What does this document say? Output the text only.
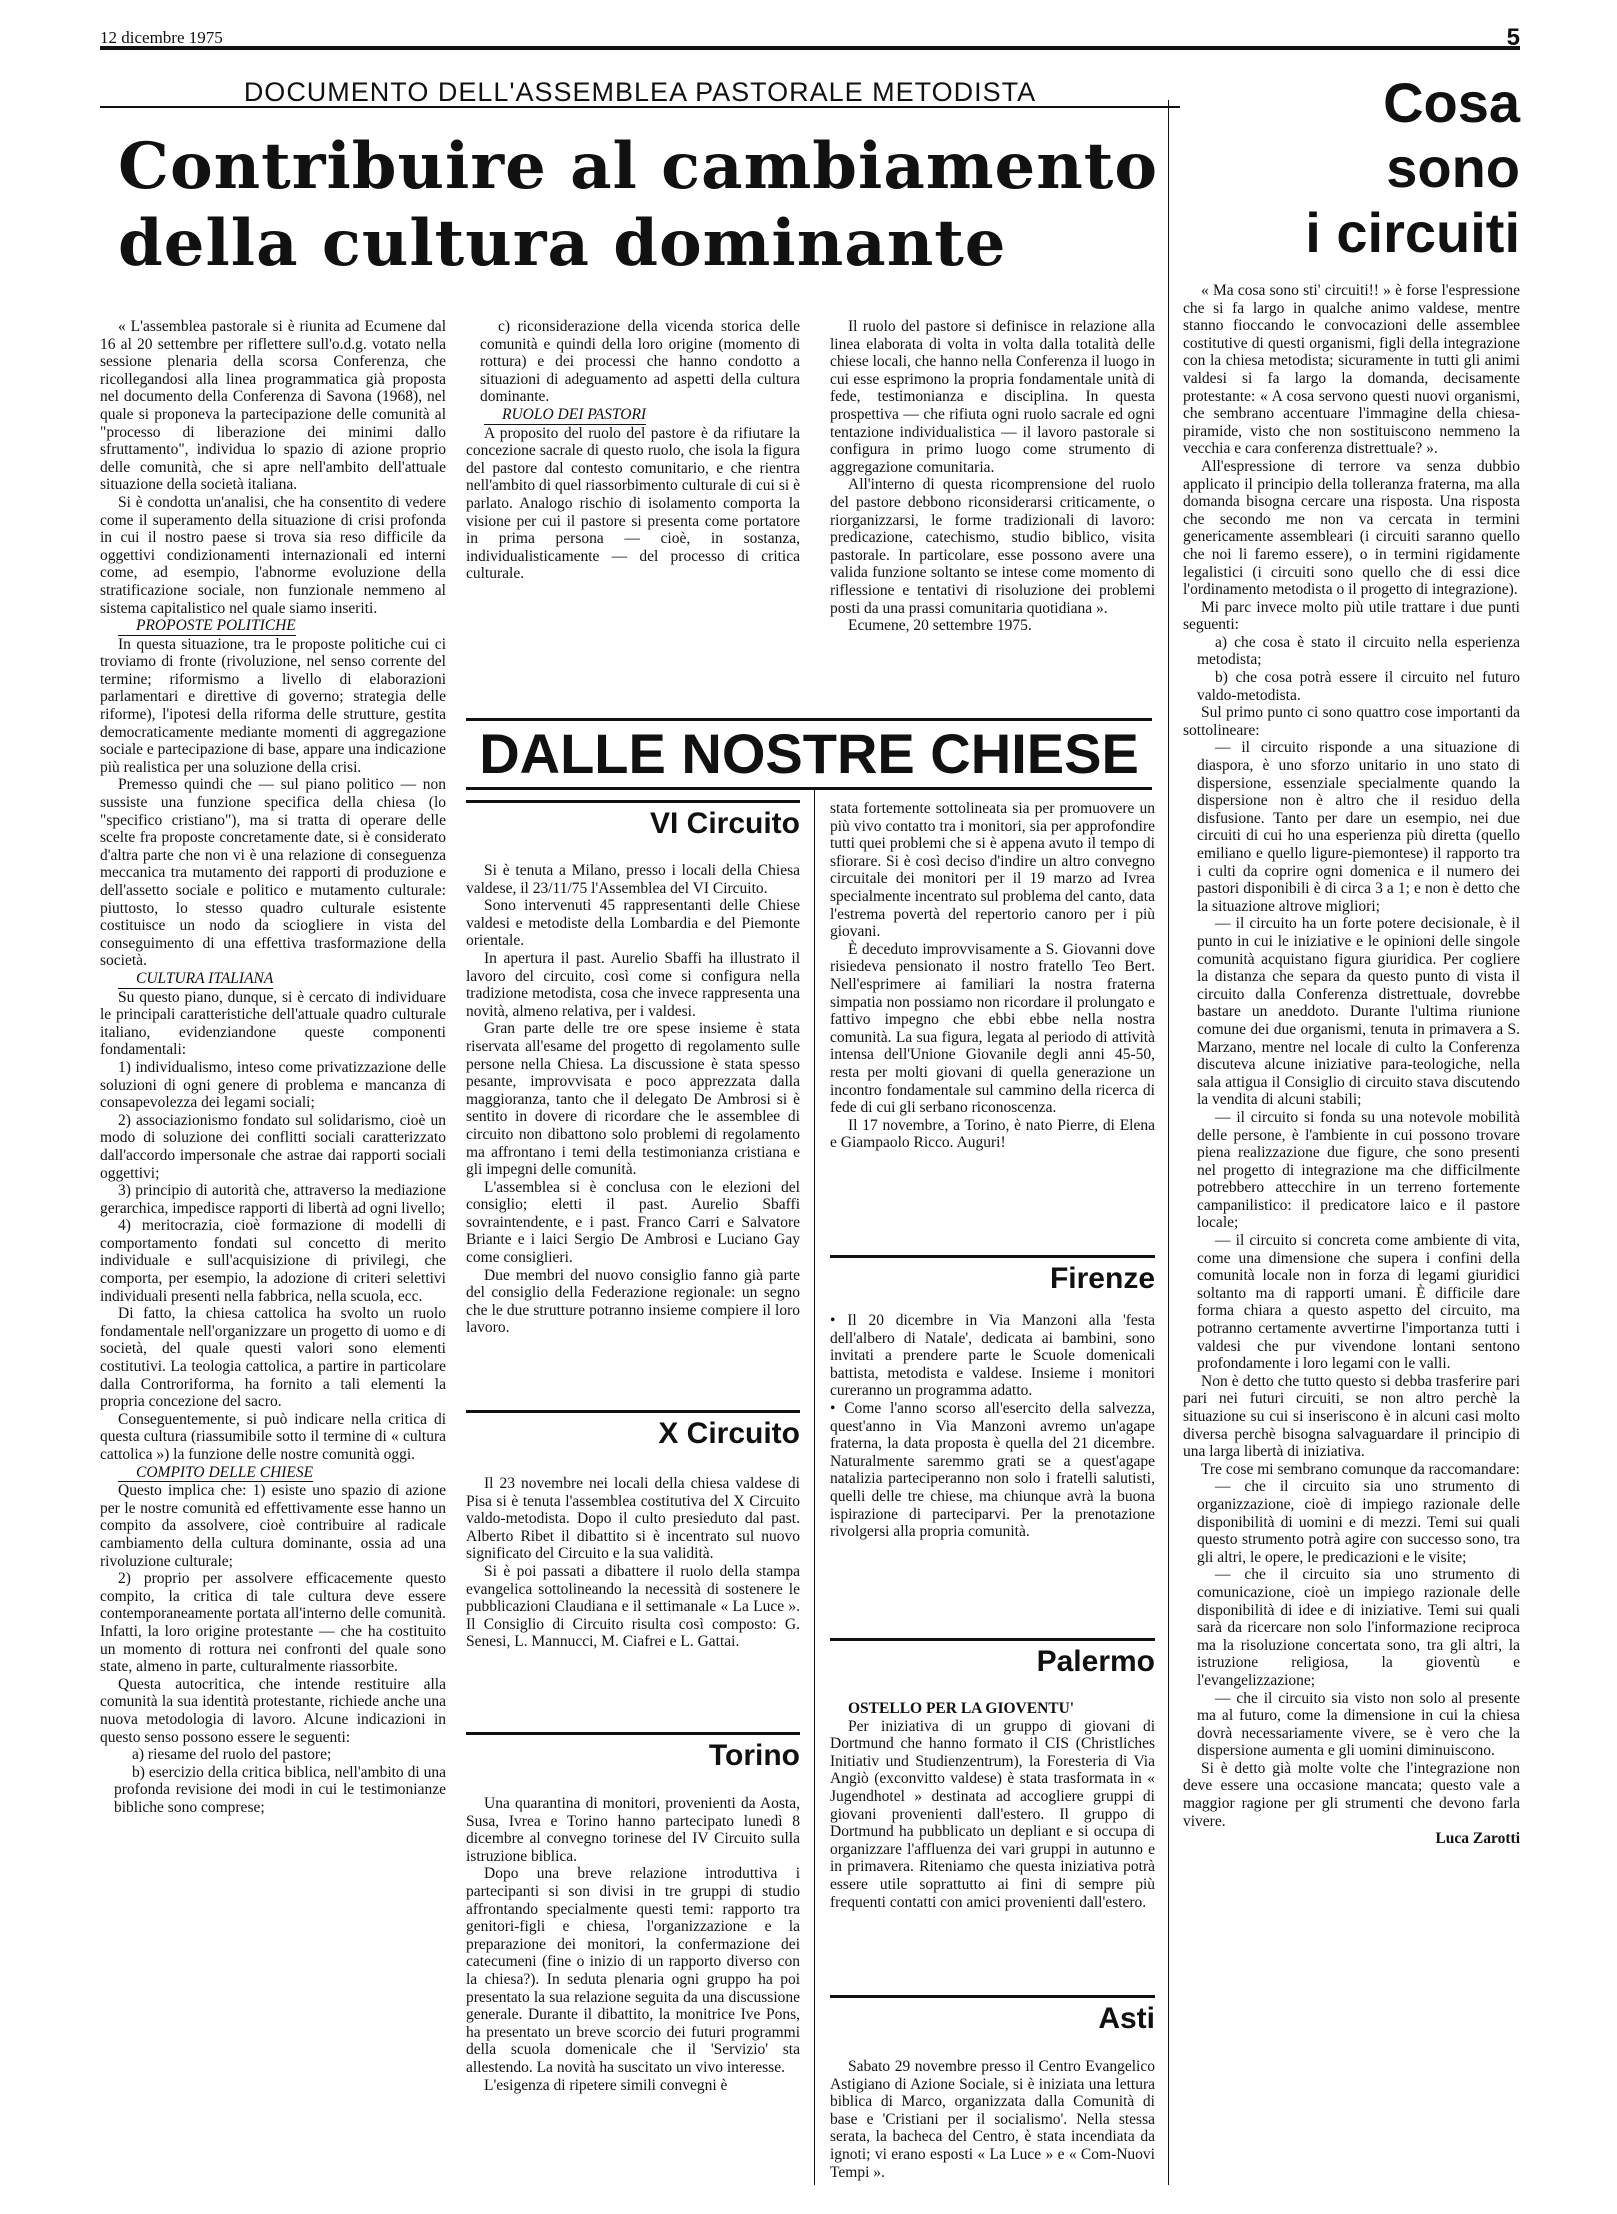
12 dicembre 1975	5
DOCUMENTO DELL'ASSEMBLEA PASTORALE METODISTA
Contribuire al cambiamento
della cultura dominante
Cosa
sono
i circuiti

« L'assemblea pastorale si è riunita ad Ecumene dal 16 al 20 settembre per riflettere sull'o.d.g. votato nella sessione plenaria della scorsa Conferenza, che ricollegandosi alla linea programmatica già proposta nel documento della Conferenza di Savona (1968), nel quale si proponeva la partecipazione delle comunità al "processo di liberazione dei minimi dallo sfruttamento", individua lo spazio di azione proprio delle comunità, che si apre nell'ambito dell'attuale situazione della società italiana.

Si è condotta un'analisi, che ha consentito di vedere come il superamento della situazione di crisi profonda in cui il nostro paese si trova sia reso difficile da oggettivi condizionamenti internazionali ed interni come, ad esempio, l'abnorme evoluzione della stratificazione sociale, non funzionale nemmeno al sistema capitalistico nel quale siamo inseriti.

PROPOSTE POLITICHE

In questa situazione, tra le proposte politiche cui ci troviamo di fronte (rivoluzione, nel senso corrente del termine; riformismo a livello di elaborazioni parlamentari e direttive di governo; strategia delle riforme), l'ipotesi della riforma delle strutture, gestita democraticamente mediante momenti di aggregazione sociale e partecipazione di base, appare una indicazione più realistica per una soluzione della crisi.

Premesso quindi che — sul piano politico — non sussiste una funzione specifica della chiesa (lo "specifico cristiano"), ma si tratta di operare delle scelte fra proposte concretamente date, si è considerato d'altra parte che non vi è una relazione di conseguenza meccanica tra mutamento dei rapporti di produzione e dell'assetto sociale e politico e mutamento culturale: piuttosto, lo stesso quadro culturale esistente costituisce un nodo da sciogliere in vista del conseguimento di una effettiva trasformazione della società.

CULTURA ITALIANA

Su questo piano, dunque, si è cercato di individuare le principali caratteristiche dell'attuale quadro culturale italiano, evidenziandone queste componenti fondamentali:

1) individualismo, inteso come privatizzazione delle soluzioni di ogni genere di problema e mancanza di consapevolezza dei legami sociali;

2) associazionismo fondato sul solidarismo, cioè un modo di soluzione dei conflitti sociali caratterizzato dall'accordo impersonale che astrae dai rapporti sociali oggettivi;

3) principio di autorità che, attraverso la mediazione gerarchica, impedisce rapporti di libertà ad ogni livello;

4) meritocrazia, cioè formazione di modelli di comportamento fondati sul concetto di merito individuale e sull'acquisizione di privilegi, che comporta, per esempio, la adozione di criteri selettivi individuali presenti nella fabbrica, nella scuola, ecc.

Di fatto, la chiesa cattolica ha svolto un ruolo fondamentale nell'organizzare un progetto di uomo e di società, del quale questi valori sono elementi costitutivi. La teologia cattolica, a partire in particolare dalla Controriforma, ha fornito a tali elementi la propria concezione del sacro.

Conseguentemente, si può indicare nella critica di questa cultura (riassumibile sotto il termine di « cultura cattolica ») la funzione delle nostre comunità oggi.

COMPITO DELLE CHIESE

Questo implica che: 1) esiste uno spazio di azione per le nostre comunità ed effettivamente esse hanno un compito da assolvere, cioè contribuire al radicale cambiamento della cultura dominante, ossia ad una rivoluzione culturale;

2) proprio per assolvere efficacemente questo compito, la critica di tale cultura deve essere contemporaneamente portata all'interno delle comunità. Infatti, la loro origine protestante — che ha costituito un momento di rottura nei confronti del quale sono state, almeno in parte, culturalmente riassorbite.

Questa autocritica, che intende restituire alla comunità la sua identità protestante, richiede anche una nuova metodologia di lavoro. Alcune indicazioni in questo senso possono essere le seguenti:

a) riesame del ruolo del pastore;

b) esercizio della critica biblica, nell'ambito di una profonda revisione dei modi in cui le testimonianze bibliche sono comprese;

c) riconsiderazione della vicenda storica delle comunità e quindi della loro origine (momento di rottura) e dei processi che hanno condotto a situazioni di adeguamento ad aspetti della cultura dominante.

RUOLO DEI PASTORI

A proposito del ruolo del pastore è da rifiutare la concezione sacrale di questo ruolo, che isola la figura del pastore dal contesto comunitario, e che rientra nell'ambito di quel riassorbimento culturale di cui si è parlato. Analogo rischio di isolamento comporta la visione per cui il pastore si presenta come portatore in prima persona — cioè, in sostanza, individualisticamente — del processo di critica culturale.

Il ruolo del pastore si definisce in relazione alla linea elaborata di volta in volta dalla totalità delle chiese locali, che hanno nella Conferenza il luogo in cui esse esprimono la propria fondamentale unità di fede, testimonianza e disciplina. In questa prospettiva — che rifiuta ogni ruolo sacrale ed ogni tentazione individualistica — il lavoro pastorale si configura in primo luogo come strumento di aggregazione comunitaria.

All'interno di questa ricomprensione del ruolo del pastore debbono riconsiderarsi criticamente, o riorganizzarsi, le forme tradizionali di lavoro: predicazione, catechismo, studio biblico, visita pastorale. In particolare, esse possono avere una valida funzione soltanto se intese come momento di riflessione e tentativi di risoluzione dei problemi posti da una prassi comunitaria quotidiana ».

Ecumene, 20 settembre 1975.

DALLE NOSTRE CHIESE
VI Circuito

Si è tenuta a Milano, presso i locali della Chiesa valdese, il 23/11/75 l'Assemblea del VI Circuito.

Sono intervenuti 45 rappresentanti delle Chiese valdesi e metodiste della Lombardia e del Piemonte orientale.

In apertura il past. Aurelio Sbaffi ha illustrato il lavoro del circuito, così come si configura nella tradizione metodista, cosa che invece rappresenta una novità, almeno relativa, per i valdesi.

Gran parte delle tre ore spese insieme è stata riservata all'esame del progetto di regolamento sulle persone nella Chiesa. La discussione è stata spesso pesante, improvvisata e poco apprezzata dalla maggioranza, tanto che il delegato De Ambrosi si è sentito in dovere di ricordare che le assemblee di circuito non dibattono solo problemi di regolamento ma affrontano i temi della testimonianza cristiana e gli impegni delle comunità.

L'assemblea si è conclusa con le elezioni del consiglio; eletti il past. Aurelio Sbaffi sovraintendente, e i past. Franco Carri e Salvatore Briante e i laici Sergio De Ambrosi e Luciano Gay come consiglieri.

Due membri del nuovo consiglio fanno già parte del consiglio della Federazione regionale: un segno che le due strutture potranno insieme compiere il loro lavoro.

X Circuito

Il 23 novembre nei locali della chiesa valdese di Pisa si è tenuta l'assemblea costitutiva del X Circuito valdo-metodista. Dopo il culto presieduto dal past. Alberto Ribet il dibattito si è incentrato sul nuovo significato del Circuito e la sua validità.

Si è poi passati a dibattere il ruolo della stampa evangelica sottolineando la necessità di sostenere le pubblicazioni Claudiana e il settimanale « La Luce ». Il Consiglio di Circuito risulta così composto: G. Senesi, L. Mannucci, M. Ciafrei e L. Gattai.

Torino

Una quarantina di monitori, provenienti da Aosta, Susa, Ivrea e Torino hanno partecipato lunedì 8 dicembre al convegno torinese del IV Circuito sulla istruzione biblica.

Dopo una breve relazione introduttiva i partecipanti si son divisi in tre gruppi di studio affrontando specialmente questi temi: rapporto tra genitori-figli e chiesa, l'organizzazione e la preparazione dei monitori, la confermazione dei catecumeni (fine o inizio di un rapporto diverso con la chiesa?). In seduta plenaria ogni gruppo ha poi presentato la sua relazione seguita da una discussione generale. Durante il dibattito, la monitrice Ive Pons, ha presentato un breve scorcio dei futuri programmi della scuola domenicale che il 'Servizio' sta allestendo. La novità ha suscitato un vivo interesse.

L'esigenza di ripetere simili convegni è

stata fortemente sottolineata sia per promuovere un più vivo contatto tra i monitori, sia per approfondire tutti quei problemi che si è appena avuto il tempo di sfiorare. Si è così deciso d'indire un altro convegno circuitale dei monitori per il 19 marzo ad Ivrea specialmente incentrato sul problema del canto, data l'estrema povertà del repertorio canoro per i più giovani.

È deceduto improvvisamente a S. Giovanni dove risiedeva pensionato il nostro fratello Teo Bert. Nell'esprimere ai familiari la nostra fraterna simpatia non possiamo non ricordare il prolungato e fattivo impegno che ebbi ebbe nella nostra comunità. La sua figura, legata al periodo di attività intensa dell'Unione Giovanile degli anni 45-50, resta per molti giovani di quella generazione un incontro fondamentale sul cammino della ricerca di fede di cui gli serbano riconoscenza.

Il 17 novembre, a Torino, è nato Pierre, di Elena e Giampaolo Ricco. Auguri!

Firenze

• Il 20 dicembre in Via Manzoni alla 'festa dell'albero di Natale', dedicata ai bambini, sono invitati a prendere parte le Scuole domenicali battista, metodista e valdese. Insieme i monitori cureranno un programma adatto.

• Come l'anno scorso all'esercito della salvezza, quest'anno in Via Manzoni avremo un'agape fraterna, la data proposta è quella del 21 dicembre. Naturalmente saremmo grati se a quest'agape natalizia parteciperanno non solo i fratelli salutisti, quelli delle tre chiese, ma chiunque avrà la buona ispirazione di parteciparvi. Per la prenotazione rivolgersi alla propria comunità.

Palermo

OSTELLO PER LA GIOVENTU'

Per iniziativa di un gruppo di giovani di Dortmund che hanno formato il CIS (Christliches Initiativ und Studienzentrum), la Foresteria di Via Angiò (exconvitto valdese) è stata trasformata in « Jugendhotel » destinata ad accogliere gruppi di giovani provenienti dall'estero. Il gruppo di Dortmund ha pubblicato un depliant e si occupa di organizzare l'affluenza dei vari gruppi in autunno e in primavera. Riteniamo che questa iniziativa potrà essere utile soprattutto ai fini di sempre più frequenti contatti con amici provenienti dall'estero.

Asti

Sabato 29 novembre presso il Centro Evangelico Astigiano di Azione Sociale, si è iniziata una lettura biblica di Marco, organizzata dalla Comunità di base e 'Cristiani per il socialismo'. Nella stessa serata, la bacheca del Centro, è stata incendiata da ignoti; vi erano esposti « La Luce » e « Com-Nuovi Tempi ».

« Ma cosa sono sti' circuiti!! » è forse l'espressione che si fa largo in qualche animo valdese, mentre stanno fioccando le convocazioni delle assemblee costitutive di questi organismi, figli della integrazione con la chiesa metodista; sicuramente in tutti gli animi valdesi si fa largo la domanda, decisamente protestante: « A cosa servono questi nuovi organismi, che sembrano accentuare l'immagine della chiesa-piramide, visto che non sostituiscono nemmeno la vecchia e cara conferenza distrettuale? ».

All'espressione di terrore va senza dubbio applicato il principio della tolleranza fraterna, ma alla domanda bisogna cercare una risposta. Una risposta che secondo me non va cercata in termini genericamente assembleari (i circuiti saranno quello che noi li faremo essere), o in termini rigidamente legalistici (i circuiti sono quello che di essi dice l'ordinamento metodista o il progetto di integrazione).

Mi parc invece molto più utile trattare i due punti seguenti:

a) che cosa è stato il circuito nella esperienza metodista;

b) che cosa potrà essere il circuito nel futuro valdo-metodista.

Sul primo punto ci sono quattro cose importanti da sottolineare:

— il circuito risponde a una situazione di diaspora, è uno sforzo unitario in uno stato di dispersione, essenziale specialmente quando la dispersione non è altro che il residuo della disfusione. Tanto per dare un esempio, nei due circuiti di cui ho una esperienza più diretta (quello emiliano e quello ligure-piemontese) il rapporto tra i culti da coprire ogni domenica e il numero dei pastori disponibili è di circa 3 a 1; e non è detto che la situazione altrove migliori;

— il circuito ha un forte potere decisionale, è il punto in cui le iniziative e le opinioni delle singole comunità acquistano figura giuridica. Per cogliere la distanza che separa da questo punto di vista il circuito dalla Conferenza distrettuale, dovrebbe bastare un aneddoto. Durante l'ultima riunione comune dei due organismi, tenuta in primavera a S. Marzano, mentre nel locale di culto la Conferenza discuteva alcune iniziative para-teologiche, nella sala attigua il Consiglio di circuito stava discutendo la vendita di alcuni stabili;

— il circuito si fonda su una notevole mobilità delle persone, è l'ambiente in cui possono trovare piena realizzazione due figure, che sono presenti nel progetto di integrazione ma che difficilmente potrebbero attecchire in un terreno fortemente campanilistico: il predicatore laico e il pastore locale;

— il circuito si concreta come ambiente di vita, come una dimensione che supera i confini della comunità locale non in forza di legami giuridici soltanto ma di rapporti umani. È difficile dare forma chiara a questo aspetto del circuito, ma potranno certamente avvertirne l'importanza tutti i valdesi che pur vivendone lontani sentono profondamente i loro legami con le valli.

Non è detto che tutto questo si debba trasferire pari pari nei futuri circuiti, se non altro perchè la situazione su cui si inseriscono è in alcuni casi molto diversa perchè bisogna salvaguardare il principio di una larga libertà di iniziativa.

Tre cose mi sembrano comunque da raccomandare:

— che il circuito sia uno strumento di organizzazione, cioè di impiego razionale delle disponibilità di uomini e di mezzi. Temi sui quali questo strumento potrà agire con successo sono, tra gli altri, le opere, le predicazioni e le visite;

— che il circuito sia uno strumento di comunicazione, cioè un impiego razionale delle disponibilità di idee e di iniziative. Temi sui quali sarà da ricercare non solo l'informazione reciproca ma la risoluzione concertata sono, tra gli altri, la istruzione religiosa, la gioventù e l'evangelizzazione;

— che il circuito sia visto non solo al presente ma al futuro, come la dimensione in cui la chiesa dovrà necessariamente vivere, se è vero che la dispersione aumenta e gli uomini diminuiscono.

Si è detto già molte volte che l'integrazione non deve essere una occasione mancata; questo vale a maggior ragione per gli strumenti che devono farla vivere.

Luca Zarotti
